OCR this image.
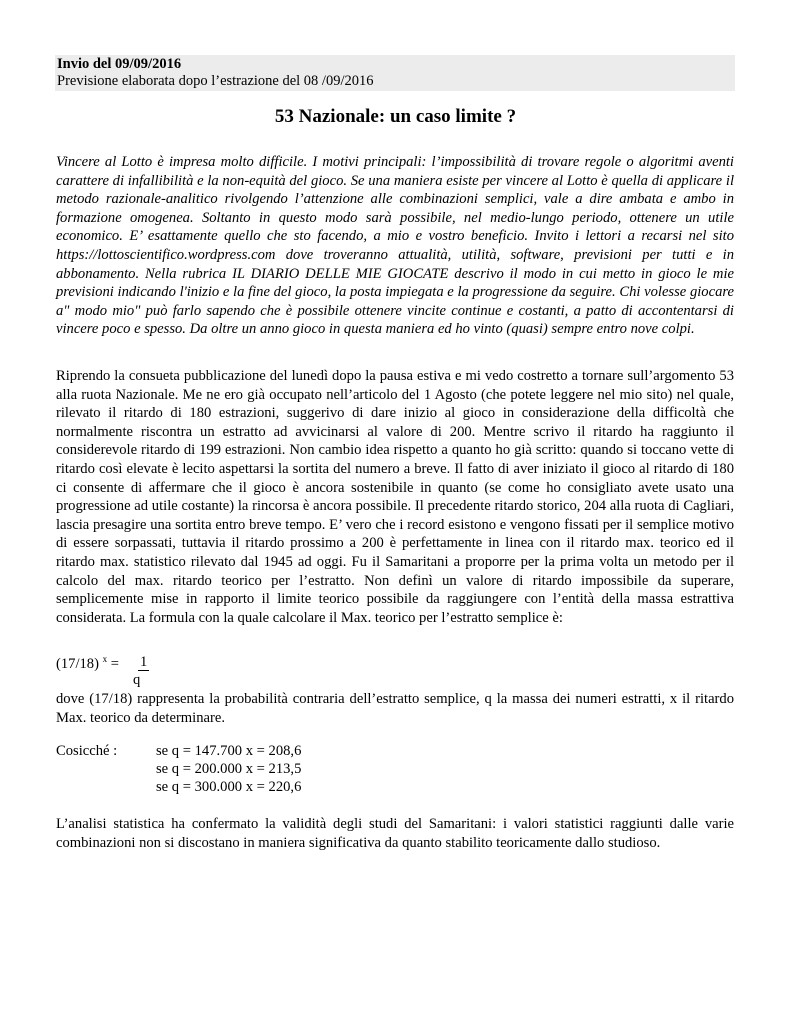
Invio del 09/09/2016
Previsione elaborata dopo l’estrazione del 08 /09/2016
53 Nazionale: un caso limite ?

Vincere al Lotto è impresa molto difficile. I motivi principali: l’impossibilità di trovare regole o algoritmi aventi carattere di infallibilità e la non-equità del gioco. Se una maniera esiste per vincere al Lotto è quella di applicare il metodo razionale-analitico rivolgendo l’attenzione alle combinazioni semplici, vale a dire ambata e ambo in formazione omogenea. Soltanto in questo modo sarà possibile, nel medio-lungo periodo, ottenere un utile economico. E’ esattamente quello che sto facendo, a mio e vostro beneficio. Invito i lettori a recarsi nel sito https://lottoscientifico.wordpress.com dove troveranno attualità, utilità, software, previsioni per tutti e in abbonamento. Nella rubrica IL DIARIO DELLE MIE GIOCATE descrivo il modo in cui metto in gioco le mie previsioni indicando l'inizio e la fine del gioco, la posta impiegata e la progressione da seguire. Chi volesse giocare a" modo mio" può farlo sapendo che è possibile ottenere vincite continue e costanti, a patto di accontentarsi di vincere poco e spesso. Da oltre un anno gioco in questa maniera ed ho vinto (quasi) sempre entro nove colpi.

Riprendo la consueta pubblicazione del lunedì dopo la pausa estiva e mi vedo costretto a tornare sull’argomento 53 alla ruota Nazionale. Me ne ero già occupato nell’articolo del 1 Agosto (che potete leggere nel mio sito) nel quale, rilevato il ritardo di 180 estrazioni, suggerivo di dare inizio al gioco in considerazione della difficoltà che normalmente riscontra un estratto ad avvicinarsi al valore di 200. Mentre scrivo il ritardo ha raggiunto il considerevole ritardo di 199 estrazioni. Non cambio idea rispetto a quanto ho già scritto: quando si toccano vette di ritardo così elevate è lecito aspettarsi la sortita del numero a breve. Il fatto di aver iniziato il gioco al ritardo di 180 ci consente di affermare che il gioco è ancora sostenibile in quanto (se come ho consigliato avete usato una progressione ad utile costante) la rincorsa è ancora possibile. Il precedente ritardo storico, 204 alla ruota di Cagliari, lascia presagire una sortita entro breve tempo. E’ vero che i record esistono e vengono fissati per il semplice motivo di essere sorpassati, tuttavia il ritardo prossimo a 200 è perfettamente in linea con il ritardo max. teorico ed il ritardo max. statistico rilevato dal 1945 ad oggi. Fu il Samaritani a proporre per la prima volta un metodo per il calcolo del max. ritardo teorico per l’estratto. Non definì un valore di ritardo impossibile da superare, semplicemente mise in rapporto il limite teorico possibile da raggiungere con l’entità della massa estrattiva considerata. La formula con la quale calcolare il Max. teorico per l’estratto semplice è:

(17/18) $^x$ = 1
q

dove (17/18) rappresenta la probabilità contraria dell’estratto semplice, q la massa dei numeri estratti, x il ritardo Max. teorico da determinare.

Cosicché :	se q = 147.700 x = 208,6
se q = 200.000 x = 213,5
se q = 300.000 x = 220,6

L’analisi statistica ha confermato la validità degli studi del Samaritani: i valori statistici raggiunti dalle varie combinazioni non si discostano in maniera significativa da quanto stabilito teoricamente dallo studioso.
